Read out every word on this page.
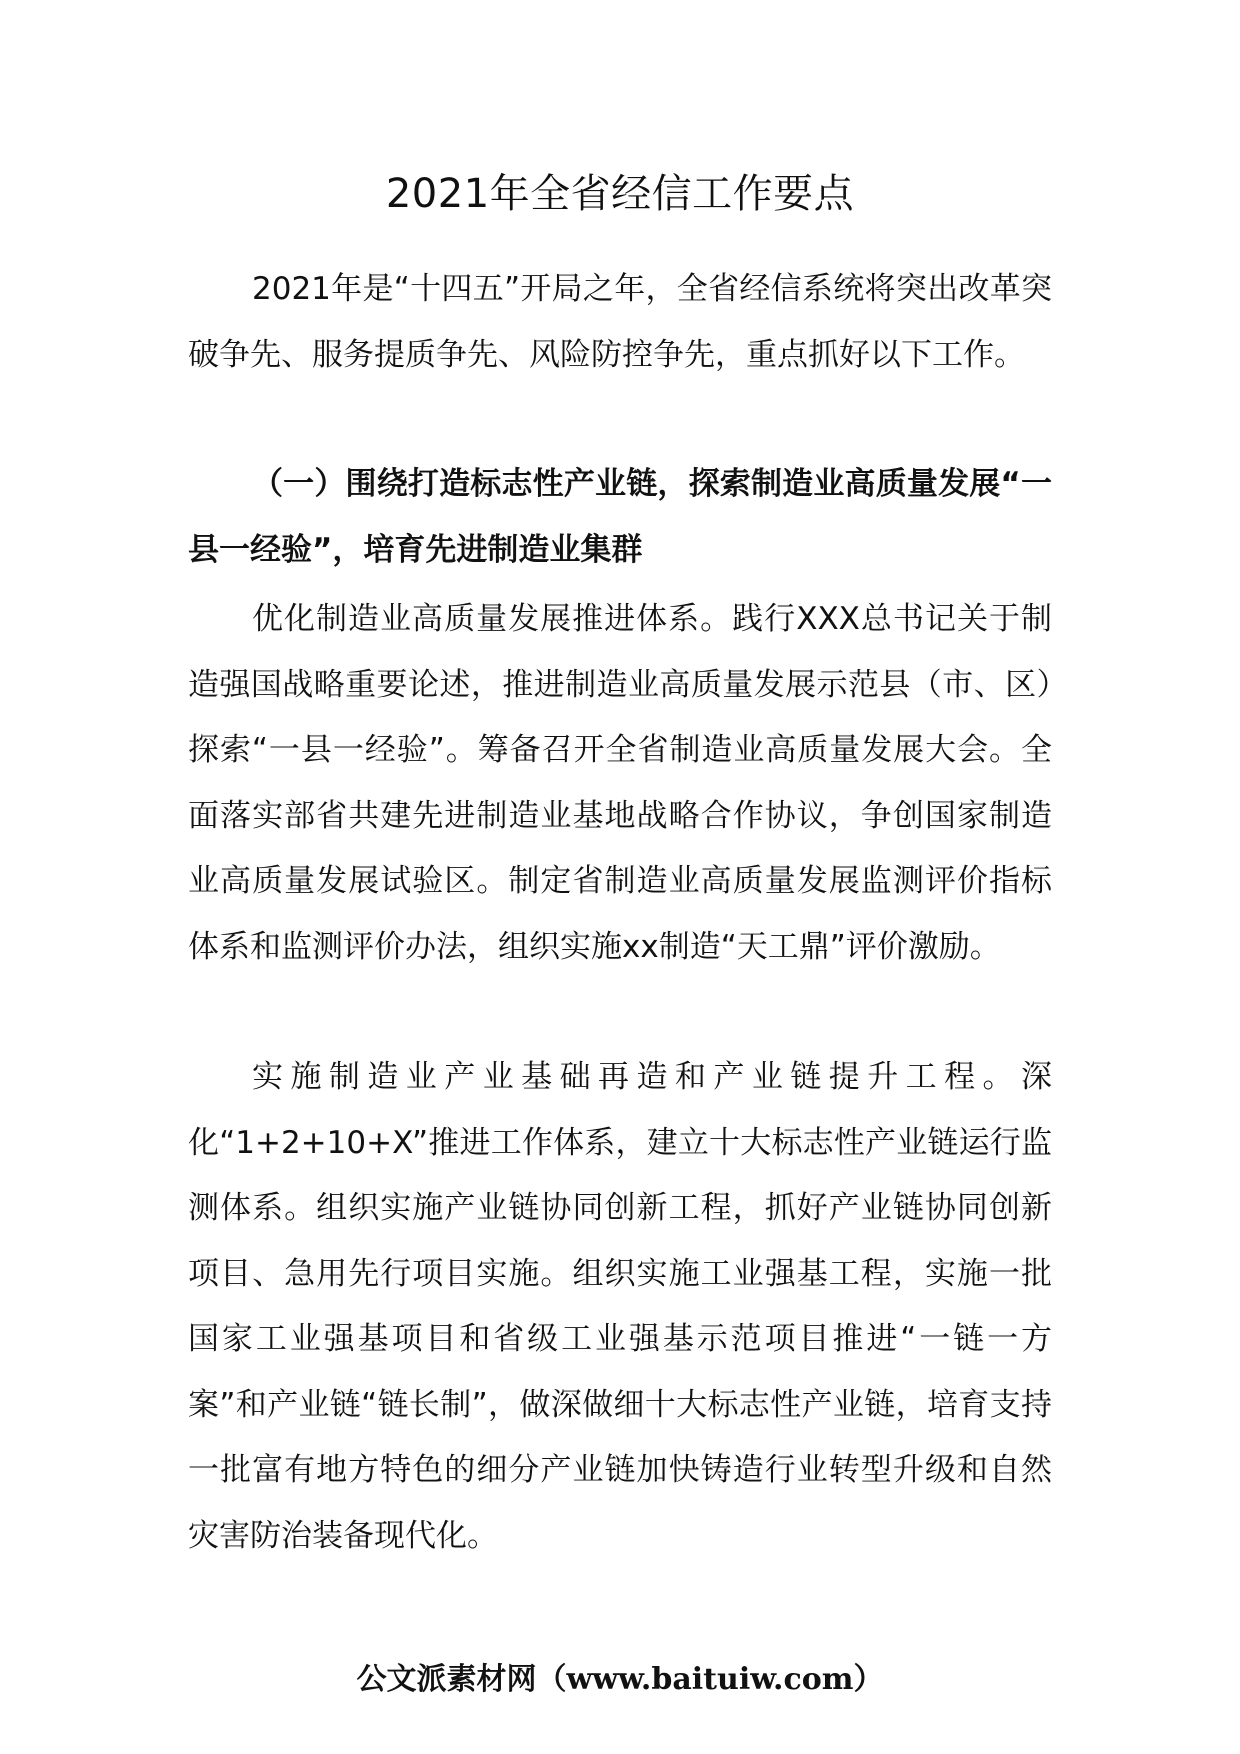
2021年全省经信工作要点

2021年是“十四五”开局之年，全省经信系统将突出改革突破争先、服务提质争先、风险防控争先，重点抓好以下工作。

（一）围绕打造标志性产业链，探索制造业高质量发展“一县一经验”，培育先进制造业集群

优化制造业高质量发展推进体系。践行XXX总书记关于制造强国战略重要论述，推进制造业高质量发展示范县（市、区）探索“一县一经验”。筹备召开全省制造业高质量发展大会。全面落实部省共建先进制造业基地战略合作协议，争创国家制造业高质量发展试验区。制定省制造业高质量发展监测评价指标体系和监测评价办法，组织实施xx制造“天工鼎”评价激励。

实施制造业产业基础再造和产业链提升工程。深化“1+2+10+X”推进工作体系，建立十大标志性产业链运行监测体系。组织实施产业链协同创新工程，抓好产业链协同创新项目、急用先行项目实施。组织实施工业强基工程，实施一批国家工业强基项目和省级工业强基示范项目推进“一链一方案”和产业链“链长制”，做深做细十大标志性产业链，培育支持一批富有地方特色的细分产业链加快铸造行业转型升级和自然灾害防治装备现代化。

公文派素材网（www.baituiw.com）
